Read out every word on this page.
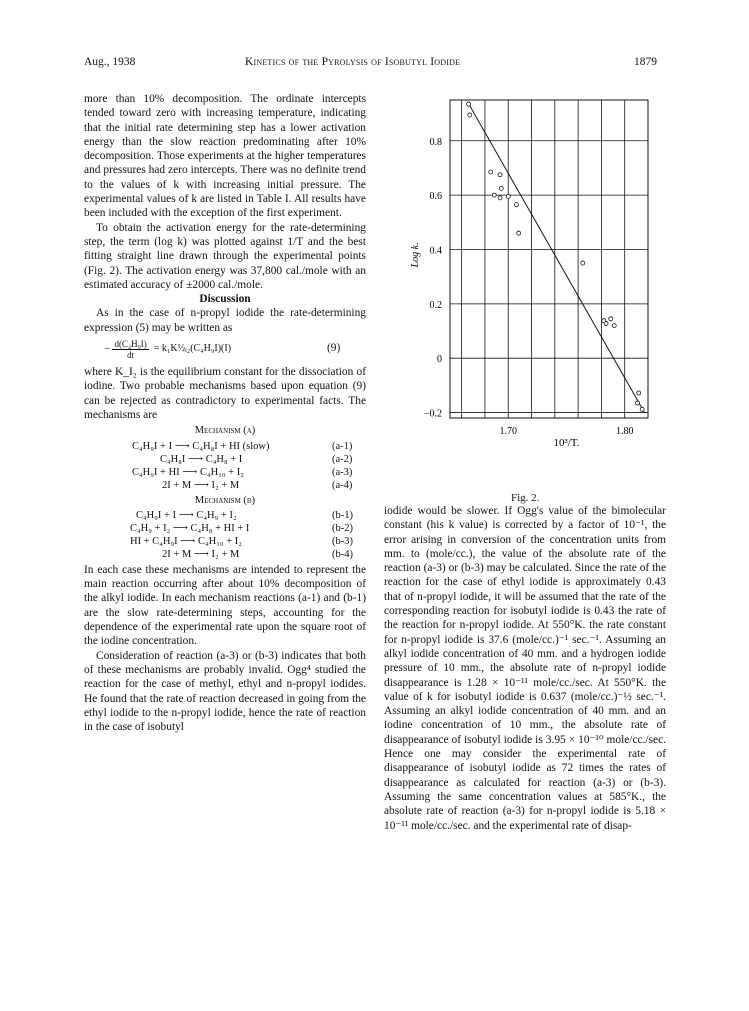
Aug., 1938	Kinetics of the Pyrolysis of Isobutyl Iodide	1879

more than 10% decomposition. The ordinate intercepts tended toward zero with increasing temperature, indicating that the initial rate determining step has a lower activation energy than the slow reaction predominating after 10% decomposition. Those experiments at the higher temperatures and pressures had zero intercepts. There was no definite trend to the values of k with increasing initial pressure. The experimental values of k are listed in Table I. All results have been included with the exception of the first experiment.

To obtain the activation energy for the rate-determining step, the term (log k) was plotted against 1/T and the best fitting straight line drawn through the experimental points (Fig. 2). The activation energy was 37,800 cal./mole with an estimated accuracy of ±2000 cal./mole.

Discussion

As in the case of n-propyl iodide the rate-determining expression (5) may be written as

− $\frac{\text{d(C₄H₉I)}}{dt}$ = k₁K½ᵢ₂(C₄H₉I)(I)	(9)

where K_I₂ is the equilibrium constant for the dissociation of iodine. Two probable mechanisms based upon equation (9) can be rejected as contradictory to experimental facts. The mechanisms are

Mechanism (a)
C₄H₉I + I ⟶ C₄H₈I + HI (slow)	(a-1)
C₄H₈I ⟶ C₄H₈ + I	(a-2)
C₄H₉I + HI ⟶ C₄H₁₀ + I₂	(a-3)
2I + M ⟶ I₂ + M	(a-4)
Mechanism (b)
C₄H₉I + I ⟶ C₄H₉ + I₂	(b-1)
C₄H₉ + I₂ ⟶ C₄H₈ + HI + I	(b-2)
HI + C₄H₉I ⟶ C₄H₁₀ + I₂	(b-3)
2I + M ⟶ I₂ + M	(b-4)

In each case these mechanisms are intended to represent the main reaction occurring after about 10% decomposition of the alkyl iodide. In each mechanism reactions (a-1) and (b-1) are the slow rate-determining steps, accounting for the dependence of the experimental rate upon the square root of the iodine concentration.

Consideration of reaction (a-3) or (b-3) indicates that both of these mechanisms are probably invalid. Ogg⁴ studied the reaction for the case of methyl, ethyl and n-propyl iodides. He found that the rate of reaction decreased in going from the ethyl iodide to the n-propyl iodide, hence the rate of reaction in the case of isobutyl

iodide would be slower. If Ogg's value of the bimolecular constant (his k value) is corrected by a factor of 10⁻¹, the error arising in conversion of the concentration units from mm. to (mole/cc.), the value of the absolute rate of the reaction (a-3) or (b-3) may be calculated. Since the rate of the reaction for the case of ethyl iodide is approximately 0.43 that of n-propyl iodide, it will be assumed that the rate of the corresponding reaction for isobutyl iodide is 0.43 the rate of the reaction for n-propyl iodide. At 550°K. the rate constant for n-propyl iodide is 37.6 (mole/cc.)⁻¹ sec.⁻¹. Assuming an alkyl iodide concentration of 40 mm. and a hydrogen iodide pressure of 10 mm., the absolute rate of n-propyl iodide disappearance is 1.28 × 10⁻¹¹ mole/cc./sec. At 550°K. the value of k for isobutyl iodide is 0.637 (mole/cc.)⁻½ sec.⁻¹. Assuming an alkyl iodide concentration of 40 mm. and an iodine concentration of 10 mm., the absolute rate of disappearance of isobutyl iodide is 3.95 × 10⁻¹⁰ mole/cc./sec. Hence one may consider the experimental rate of disappearance of isobutyl iodide as 72 times the rates of disappearance as calculated for reaction (a-3) or (b-3). Assuming the same concentration values at 585°K., the absolute rate of reaction (a-3) for n-propyl iodide is 5.18 × 10⁻¹¹ mole/cc./sec. and the experimental rate of disap-

0.8
0.6
0.4
0.2
0
−0.2
1.70	1.80
10³/T.
Log k.
Fig. 2.
